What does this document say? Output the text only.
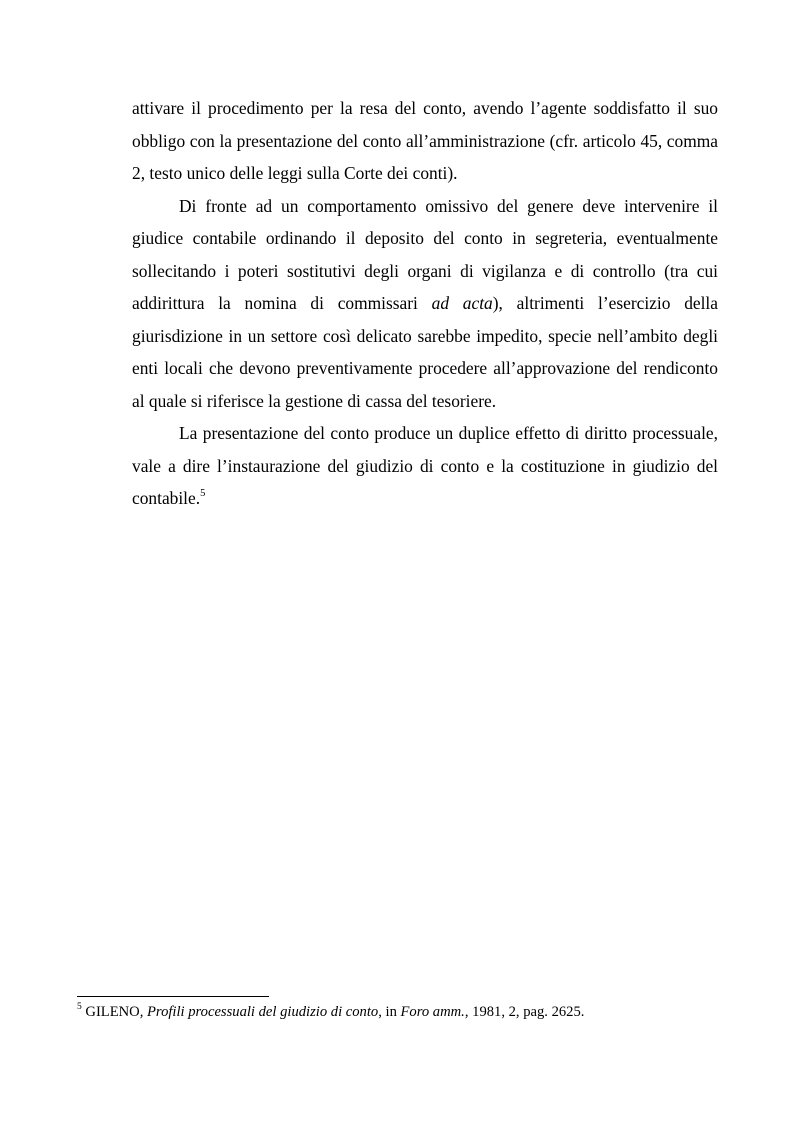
attivare il procedimento per la resa del conto, avendo l’agente soddisfatto il suo obbligo con la presentazione del conto all’amministrazione (cfr. articolo 45, comma 2, testo unico delle leggi sulla Corte dei conti).

Di fronte ad un comportamento omissivo del genere deve intervenire il giudice contabile ordinando il deposito del conto in segreteria, eventualmente sollecitando i poteri sostitutivi degli organi di vigilanza e di controllo (tra cui addirittura la nomina di commissari ad acta), altrimenti l’esercizio della giurisdizione in un settore così delicato sarebbe impedito, specie nell’ambito degli enti locali che devono preventivamente procedere all’approvazione del rendiconto al quale si riferisce la gestione di cassa del tesoriere.

La presentazione del conto produce un duplice effetto di diritto processuale, vale a dire l’instaurazione del giudizio di conto e la costituzione in giudizio del contabile.$^5$

$^5$ GILENO, Profili processuali del giudizio di conto, in Foro amm., 1981, 2, pag. 2625.
